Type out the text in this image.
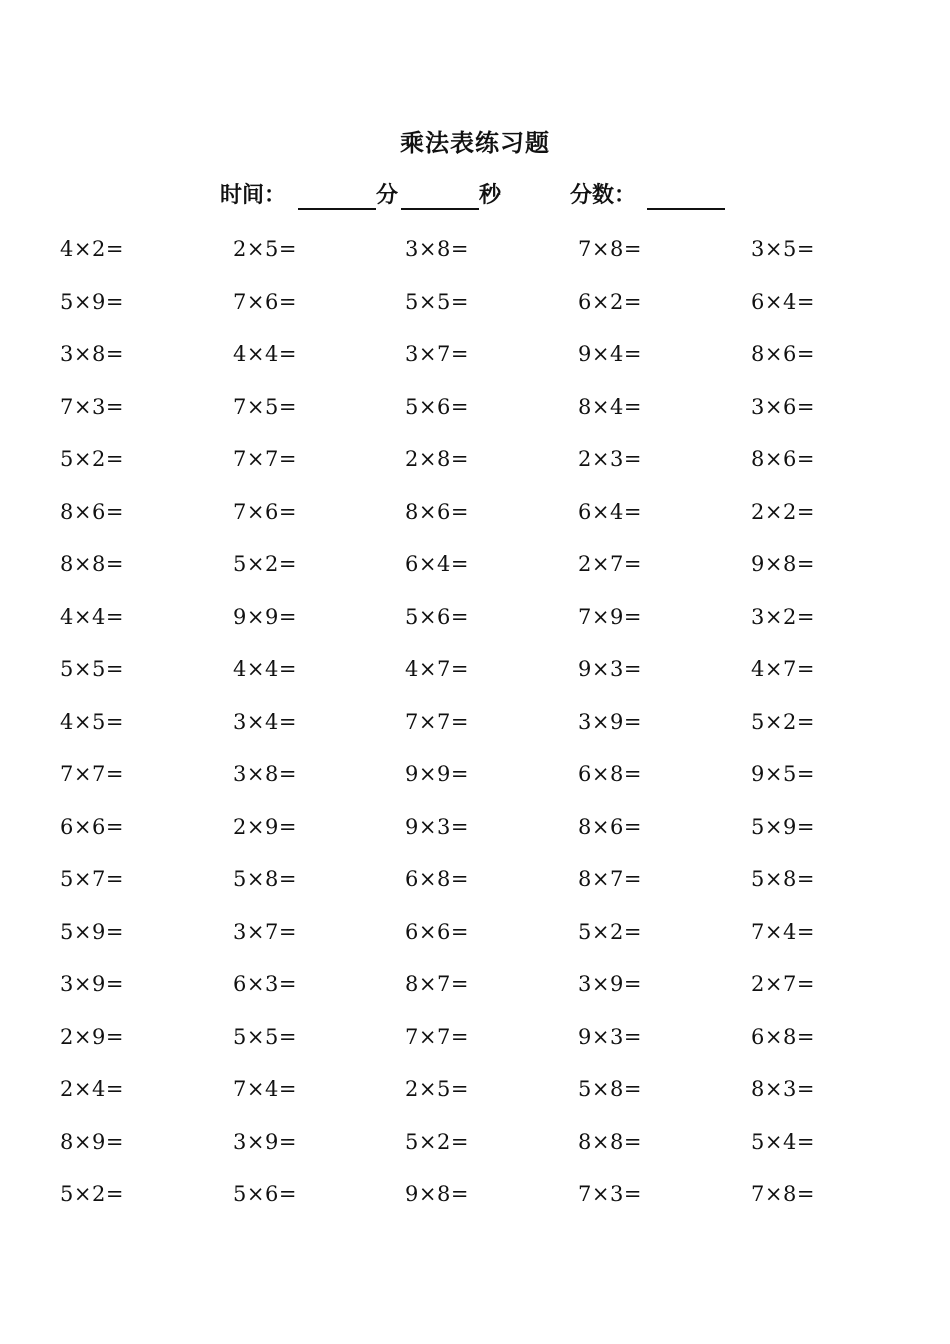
乘法表练习题
时间：	分	秒	分数：
4×2=	2×5=	3×8=	7×8=	3×5=
5×9=	7×6=	5×5=	6×2=	6×4=
3×8=	4×4=	3×7=	9×4=	8×6=
7×3=	7×5=	5×6=	8×4=	3×6=
5×2=	7×7=	2×8=	2×3=	8×6=
8×6=	7×6=	8×6=	6×4=	2×2=
8×8=	5×2=	6×4=	2×7=	9×8=
4×4=	9×9=	5×6=	7×9=	3×2=
5×5=	4×4=	4×7=	9×3=	4×7=
4×5=	3×4=	7×7=	3×9=	5×2=
7×7=	3×8=	9×9=	6×8=	9×5=
6×6=	2×9=	9×3=	8×6=	5×9=
5×7=	5×8=	6×8=	8×7=	5×8=
5×9=	3×7=	6×6=	5×2=	7×4=
3×9=	6×3=	8×7=	3×9=	2×7=
2×9=	5×5=	7×7=	9×3=	6×8=
2×4=	7×4=	2×5=	5×8=	8×3=
8×9=	3×9=	5×2=	8×8=	5×4=
5×2=	5×6=	9×8=	7×3=	7×8=
